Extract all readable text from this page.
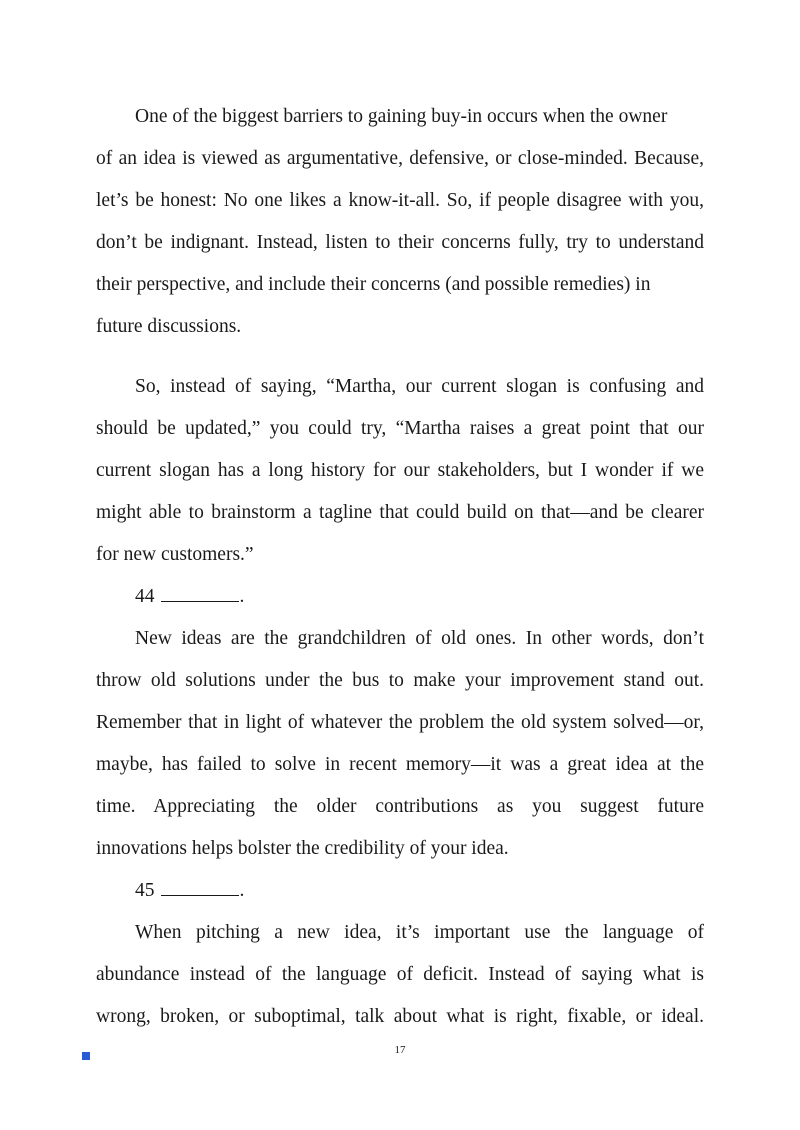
One of the biggest barriers to gaining buy-in occurs when the owner
of an idea is viewed as argumentative, defensive, or close-minded. Because,
let’s be honest: No one likes a know-it-all. So, if people disagree with you,
don’t be indignant. Instead, listen to their concerns fully, try to understand
their perspective, and include their concerns (and possible remedies) in
future discussions.
So, instead of saying, “Martha, our current slogan is confusing and
should be updated,” you could try, “Martha raises a great point that our
current slogan has a long history for our stakeholders, but I wonder if we
might able to brainstorm a tagline that could build on that—and be clearer
for new customers.”
44	.
New ideas are the grandchildren of old ones. In other words, don’t
throw old solutions under the bus to make your improvement stand out.
Remember that in light of whatever the problem the old system solved—or,
maybe, has failed to solve in recent memory—it was a great idea at the
time. Appreciating the older contributions as you suggest future
innovations helps bolster the credibility of your idea.
45	.
When pitching a new idea, it’s important use the language of
abundance instead of the language of deficit. Instead of saying what is
wrong, broken, or suboptimal, talk about what is right, fixable, or ideal.
17
